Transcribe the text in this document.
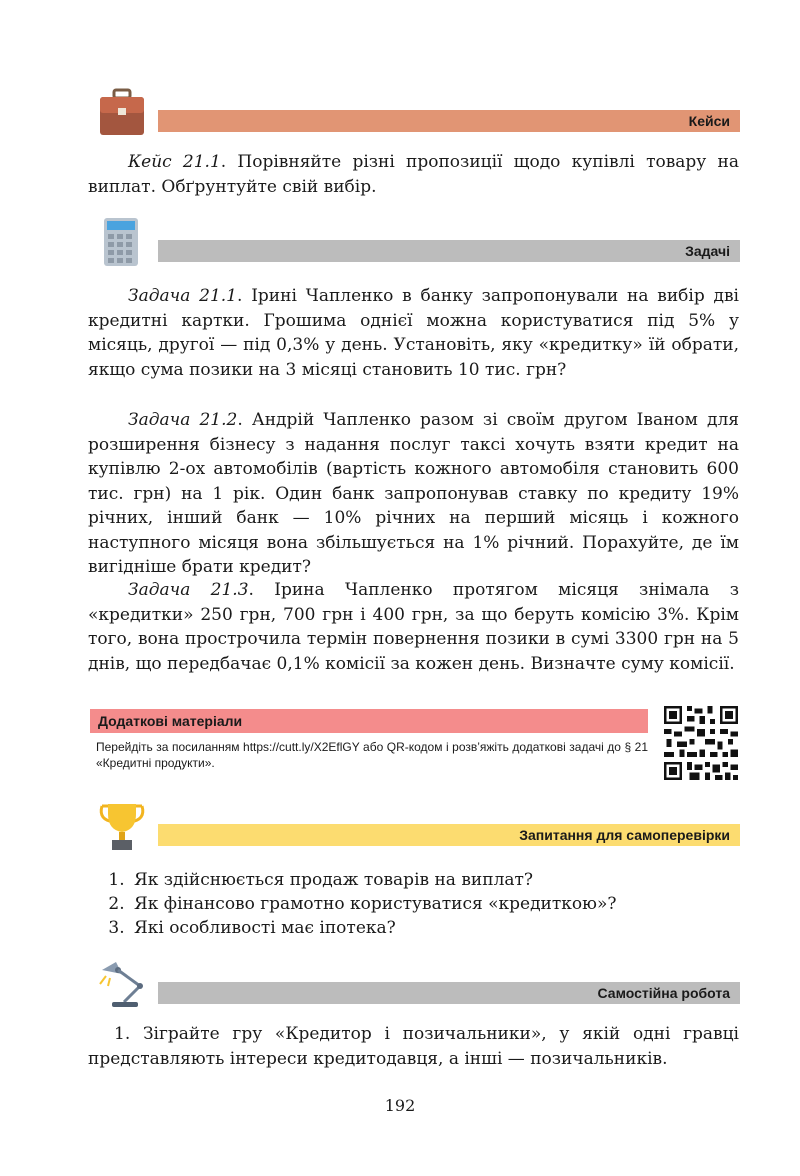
Кейси

Кейс 21.1. Порівняйте різні пропозиції щодо купівлі товару на виплат. Обґрунтуйте свій вибір.

Задачі

Задача 21.1. Ірині Чапленко в банку запропонували на вибір дві кредитні картки. Грошима однієї можна користуватися під 5% у місяць, другої — під 0,3% у день. Установіть, яку «кредитку» їй обрати, якщо сума позики на 3 місяці становить 10 тис. грн?

Задача 21.2. Андрій Чапленко разом зі своїм другом Іваном для розширення бізнесу з надання послуг таксі хочуть взяти кредит на купівлю 2-ох автомобілів (вартість кожного автомобіля становить 600 тис. грн) на 1 рік. Один банк запропонував ставку по кредиту 19% річних, інший банк — 10% річних на перший місяць і кожного наступного місяця вона збільшується на 1% річний. Порахуйте, де їм вигідніше брати кредит?

Задача 21.3. Ірина Чапленко протягом місяця знімала з «кредитки» 250 грн, 700 грн і 400 грн, за що беруть комісію 3%. Крім того, вона прострочила термін повернення позики в сумі 3300 грн на 5 днів, що передбачає 0,1% комісії за кожен день. Визначте суму комісії.

Додаткові матеріали

Перейдіть за посиланням https://cutt.ly/X2EflGY або QR-кодом і розв’яжіть додаткові задачі до § 21 «Кредитні продукти».

Запитання для самоперевірки
1. Як здійснюється продаж товарів на виплат?
2. Як фінансово грамотно користуватися «кредиткою»?
3. Які особливості має іпотека?
Самостійна робота

1. Зіграйте гру «Кредитор і позичальники», у якій одні гравці представляють інтереси кредитодавця, а інші — позичальників.

192
